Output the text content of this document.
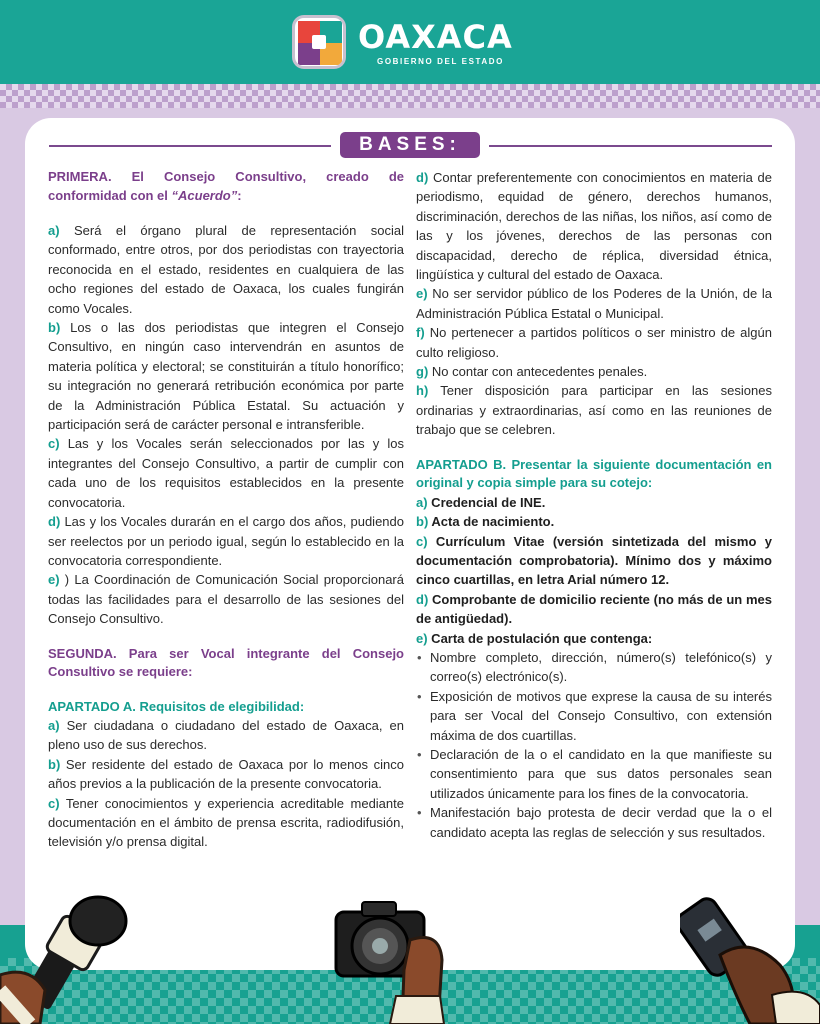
OAXACA
GOBIERNO DEL ESTADO
BASES:

PRIMERA. El Consejo Consultivo, creado de conformidad con el “Acuerdo”:

a) Será el órgano plural de representación social conformado, entre otros, por dos periodistas con trayectoria reconocida en el estado, residentes en cualquiera de las ocho regiones del estado de Oaxaca, los cuales fungirán como Vocales.

b) Los o las dos periodistas que integren el Consejo Consultivo, en ningún caso intervendrán en asuntos de materia política y electoral; se constituirán a título honorífico; su integración no generará retribución económica por parte de la Administración Pública Estatal. Su actuación y participación será de carácter personal e intransferible.

c) Las y los Vocales serán seleccionados por las y los integrantes del Consejo Consultivo, a partir de cumplir con cada uno de los requisitos establecidos en la presente convocatoria.

d) Las y los Vocales durarán en el cargo dos años, pudiendo ser reelectos por un periodo igual, según lo establecido en la convocatoria correspondiente.

e) ) La Coordinación de Comunicación Social proporcionará todas las facilidades para el desarrollo de las sesiones del Consejo Consultivo.

SEGUNDA. Para ser Vocal integrante del Consejo Consultivo se requiere:

APARTADO A. Requisitos de elegibilidad:

a) Ser ciudadana o ciudadano del estado de Oaxaca, en pleno uso de sus derechos.

b) Ser residente del estado de Oaxaca por lo menos cinco años previos a la publicación de la presente convocatoria.

c) Tener conocimientos y experiencia acreditable mediante documentación en el ámbito de prensa escrita, radiodifusión, televisión y/o prensa digital.

d) Contar preferentemente con conocimientos en materia de periodismo, equidad de género, derechos humanos, discriminación, derechos de las niñas, los niños, así como de las y los jóvenes, derechos de las personas con discapacidad, derecho de réplica, diversidad étnica, lingüística y cultural del estado de Oaxaca.

e) No ser servidor público de los Poderes de la Unión, de la Administración Pública Estatal o Municipal.

f) No pertenecer a partidos políticos o ser ministro de algún culto religioso.

g) No contar con antecedentes penales.

h) Tener disposición para participar en las sesiones ordinarias y extraordinarias, así como en las reuniones de trabajo que se celebren.

APARTADO B. Presentar la siguiente documentación en original y copia simple para su cotejo:

a) Credencial de INE.

b) Acta de nacimiento.

c) Currículum Vitae (versión sintetizada del mismo y documentación comprobatoria). Mínimo dos y máximo cinco cuartillas, en letra Arial número 12.

d) Comprobante de domicilio reciente (no más de un mes de antigüedad).

e) Carta de postulación que contenga:

• Nombre completo, dirección, número(s) telefónico(s) y correo(s) electrónico(s).

• Exposición de motivos que exprese la causa de su interés para ser Vocal del Consejo Consultivo, con extensión máxima de dos cuartillas.

• Declaración de la o el candidato en la que manifieste su consentimiento para que sus datos personales sean utilizados únicamente para los fines de la convocatoria.

• Manifestación bajo protesta de decir verdad que la o el candidato acepta las reglas de selección y sus resultados.
